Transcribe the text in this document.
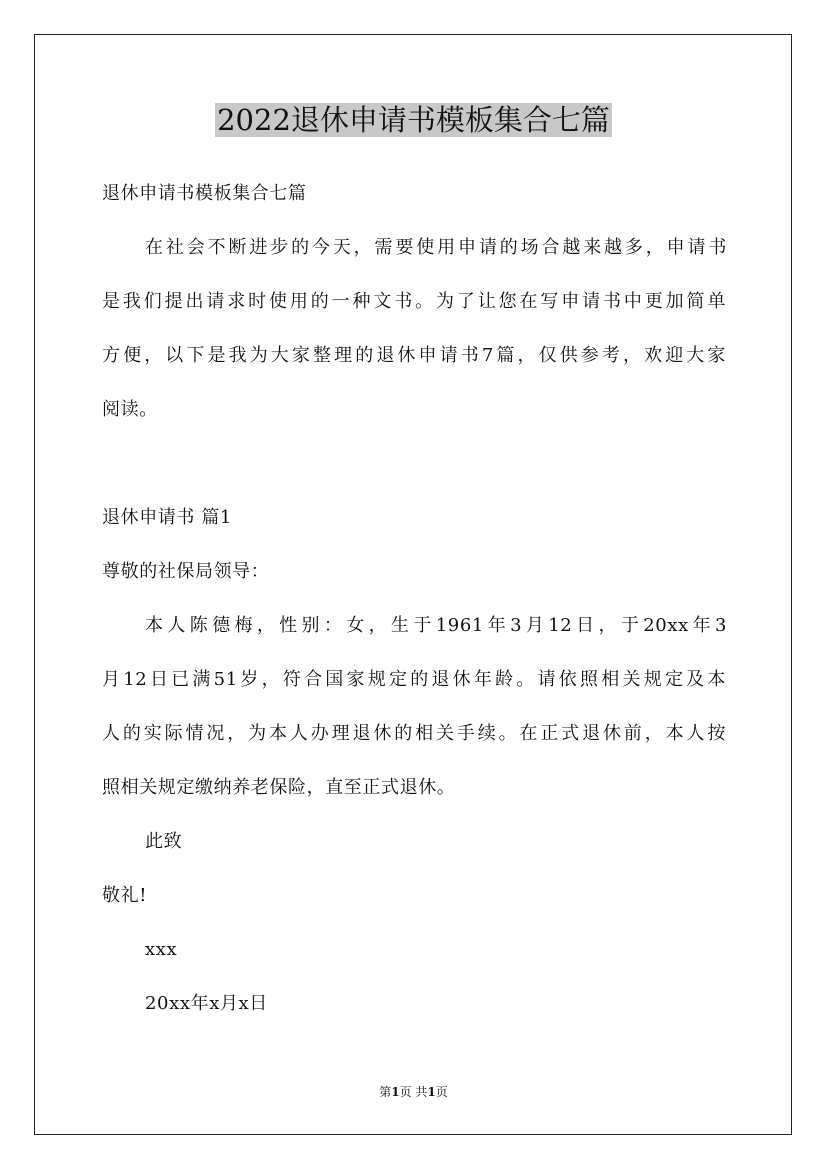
2022退休申请书模板集合七篇
退休申请书模板集合七篇
在社会不断进步的今天，需要使用申请的场合越来越多，申请书
是我们提出请求时使用的一种文书。为了让您在写申请书中更加简单
方便，以下是我为大家整理的退休申请书7篇，仅供参考，欢迎大家
阅读。
退休申请书 篇1
尊敬的社保局领导：
本人陈德梅，性别：女，生于1961年3月12日，于20xx年3
月12日已满51岁，符合国家规定的退休年龄。请依照相关规定及本
人的实际情况，为本人办理退休的相关手续。在正式退休前，本人按
照相关规定缴纳养老保险，直至正式退休。
此致
敬礼!
xxx
20xx年x月x日
第1页 共1页
